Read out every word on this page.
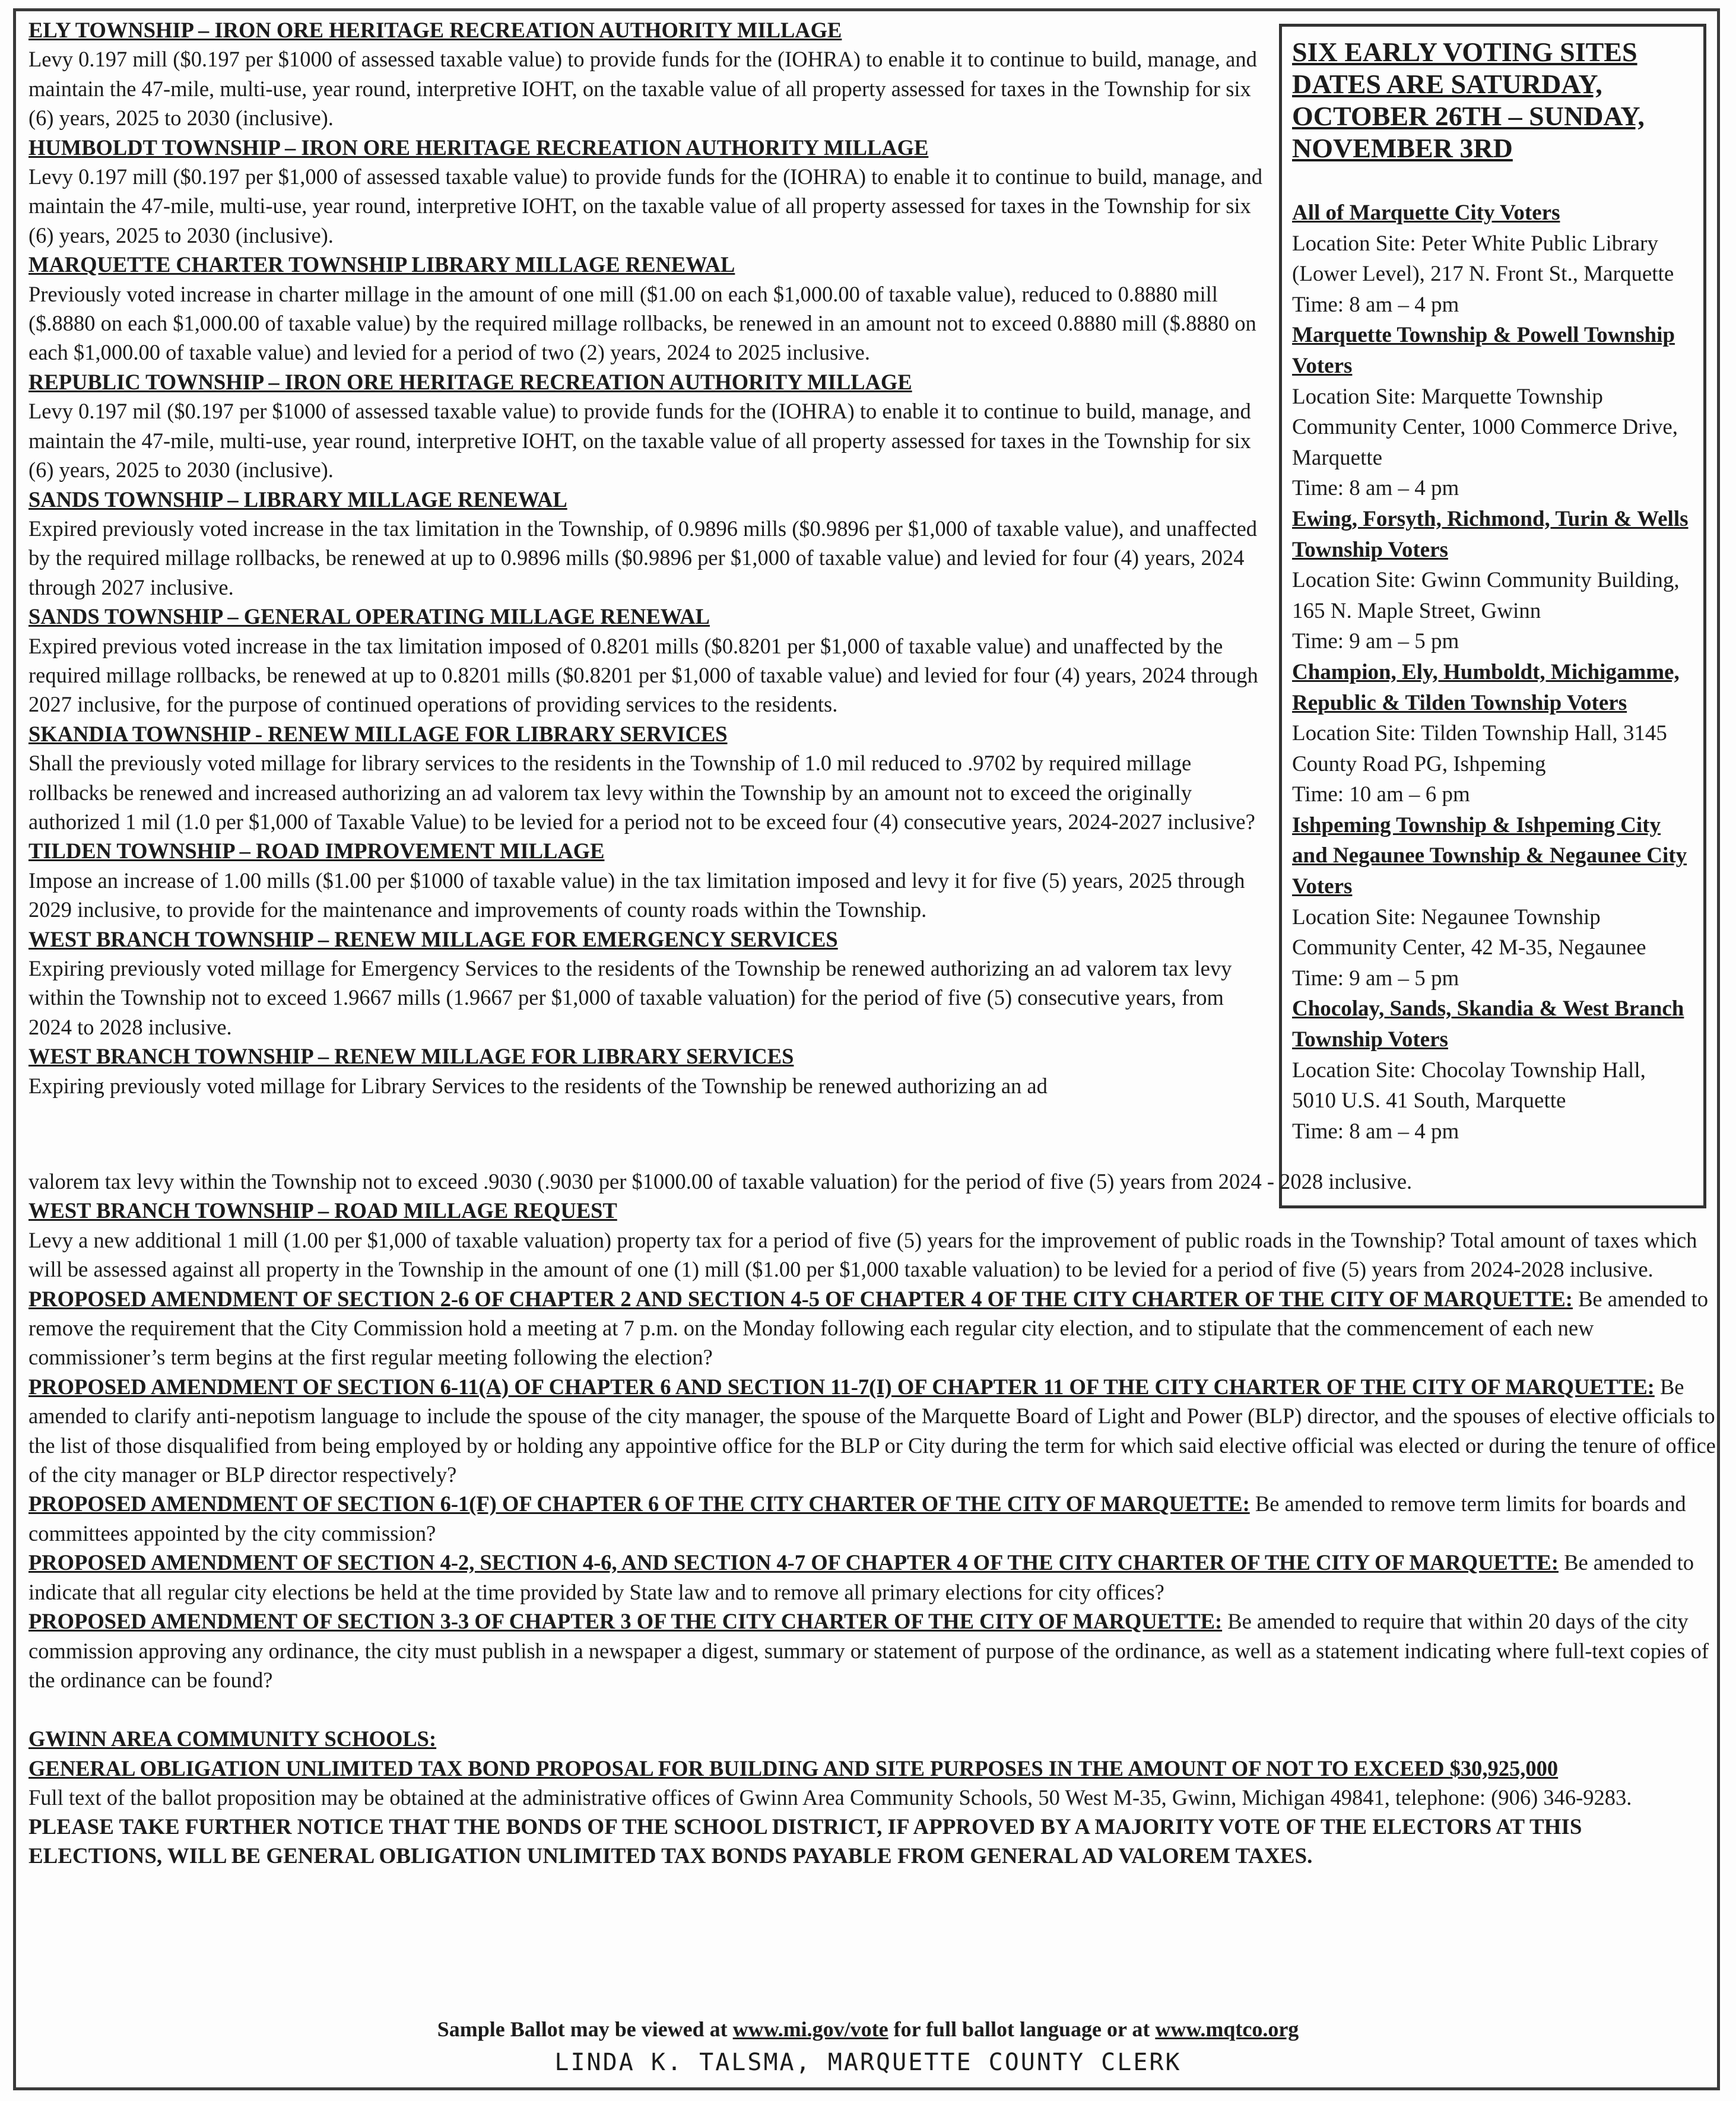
ELY TOWNSHIP – IRON ORE HERITAGE RECREATION AUTHORITY MILLAGE

Levy 0.197 mill ($0.197 per $1000 of assessed taxable value) to provide funds for the (IOHRA) to enable it to continue to build, manage, and maintain the 47-mile, multi-use, year round, interpretive IOHT, on the taxable value of all property assessed for taxes in the Township for six (6) years, 2025 to 2030 (inclusive).

HUMBOLDT TOWNSHIP – IRON ORE HERITAGE RECREATION AUTHORITY MILLAGE

Levy 0.197 mill ($0.197 per $1,000 of assessed taxable value) to provide funds for the (IOHRA) to enable it to continue to build, manage, and maintain the 47-mile, multi-use, year round, interpretive IOHT, on the taxable value of all property assessed for taxes in the Township for six (6) years, 2025 to 2030 (inclusive).

MARQUETTE CHARTER TOWNSHIP LIBRARY MILLAGE RENEWAL

Previously voted increase in charter millage in the amount of one mill ($1.00 on each $1,000.00 of taxable value), reduced to 0.8880 mill ($.8880 on each $1,000.00 of taxable value) by the required millage rollbacks, be renewed in an amount not to exceed 0.8880 mill ($.8880 on each $1,000.00 of taxable value) and levied for a period of two (2) years, 2024 to 2025 inclusive.

REPUBLIC TOWNSHIP – IRON ORE HERITAGE RECREATION AUTHORITY MILLAGE

Levy 0.197 mil ($0.197 per $1000 of assessed taxable value) to provide funds for the (IOHRA) to enable it to continue to build, manage, and maintain the 47-mile, multi-use, year round, interpretive IOHT, on the taxable value of all property assessed for taxes in the Township for six (6) years, 2025 to 2030 (inclusive).

SANDS TOWNSHIP – LIBRARY MILLAGE RENEWAL

Expired previously voted increase in the tax limitation in the Township, of 0.9896 mills ($0.9896 per $1,000 of taxable value), and unaffected by the required millage rollbacks, be renewed at up to 0.9896 mills ($0.9896 per $1,000 of taxable value) and levied for four (4) years, 2024 through 2027 inclusive.

SANDS TOWNSHIP – GENERAL OPERATING MILLAGE RENEWAL

Expired previous voted increase in the tax limitation imposed of 0.8201 mills ($0.8201 per $1,000 of taxable value) and unaffected by the required millage rollbacks, be renewed at up to 0.8201 mills ($0.8201 per $1,000 of taxable value) and levied for four (4) years, 2024 through 2027 inclusive, for the purpose of continued operations of providing services to the residents.

SKANDIA TOWNSHIP - RENEW MILLAGE FOR LIBRARY SERVICES

Shall the previously voted millage for library services to the residents in the Township of 1.0 mil reduced to .9702 by required millage rollbacks be renewed and increased authorizing an ad valorem tax levy within the Township by an amount not to exceed the originally authorized 1 mil (1.0 per $1,000 of Taxable Value) to be levied for a period not to be exceed four (4) consecutive years, 2024-2027 inclusive?

TILDEN TOWNSHIP – ROAD IMPROVEMENT MILLAGE

Impose an increase of 1.00 mills ($1.00 per $1000 of taxable value) in the tax limitation imposed and levy it for five (5) years, 2025 through 2029 inclusive, to provide for the maintenance and improvements of county roads within the Township.

WEST BRANCH TOWNSHIP – RENEW MILLAGE FOR EMERGENCY SERVICES

Expiring previously voted millage for Emergency Services to the residents of the Township be renewed authorizing an ad valorem tax levy within the Township not to exceed 1.9667 mills (1.9667 per $1,000 of taxable valuation) for the period of five (5) consecutive years, from 2024 to 2028 inclusive.

WEST BRANCH TOWNSHIP – RENEW MILLAGE FOR LIBRARY SERVICES

Expiring previously voted millage for Library Services to the residents of the Township be renewed authorizing an ad

SIX EARLY VOTING SITES DATES ARE SATURDAY, OCTOBER 26TH – SUNDAY, NOVEMBER 3RD
All of Marquette City Voters
Location Site: Peter White Public Library (Lower Level), 217 N. Front St., Marquette
Time: 8 am – 4 pm
Marquette Township & Powell Township Voters
Location Site: Marquette Township Community Center, 1000 Commerce Drive, Marquette
Time: 8 am – 4 pm
Ewing, Forsyth, Richmond, Turin & Wells Township Voters
Location Site: Gwinn Community Building, 165 N. Maple Street, Gwinn
Time: 9 am – 5 pm
Champion, Ely, Humboldt, Michigamme, Republic & Tilden Township Voters
Location Site: Tilden Township Hall, 3145 County Road PG, Ishpeming
Time: 10 am – 6 pm
Ishpeming Township & Ishpeming City and Negaunee Township & Negaunee City Voters
Location Site: Negaunee Township Community Center, 42 M-35, Negaunee
Time: 9 am – 5 pm
Chocolay, Sands, Skandia & West Branch Township Voters
Location Site: Chocolay Township Hall, 5010 U.S. 41 South, Marquette
Time: 8 am – 4 pm

valorem tax levy within the Township not to exceed .9030 (.9030 per $1000.00 of taxable valuation) for the period of five (5) years from 2024 - 2028 inclusive.

WEST BRANCH TOWNSHIP – ROAD MILLAGE REQUEST

Levy a new additional 1 mill (1.00 per $1,000 of taxable valuation) property tax for a period of five (5) years for the improvement of public roads in the Township? Total amount of taxes which will be assessed against all property in the Township in the amount of one (1) mill ($1.00 per $1,000 taxable valuation) to be levied for a period of five (5) years from 2024-2028 inclusive.

PROPOSED AMENDMENT OF SECTION 2-6 OF CHAPTER 2 AND SECTION 4-5 OF CHAPTER 4 OF THE CITY CHARTER OF THE CITY OF MARQUETTE: Be amended to remove the requirement that the City Commission hold a meeting at 7 p.m. on the Monday following each regular city election, and to stipulate that the commencement of each new commissioner’s term begins at the first regular meeting following the election?

PROPOSED AMENDMENT OF SECTION 6-11(A) OF CHAPTER 6 AND SECTION 11-7(I) OF CHAPTER 11 OF THE CITY CHARTER OF THE CITY OF MARQUETTE: Be amended to clarify anti-nepotism language to include the spouse of the city manager, the spouse of the Marquette Board of Light and Power (BLP) director, and the spouses of elective officials to the list of those disqualified from being employed by or holding any appointive office for the BLP or City during the term for which said elective official was elected or during the tenure of office of the city manager or BLP director respectively?

PROPOSED AMENDMENT OF SECTION 6-1(F) OF CHAPTER 6 OF THE CITY CHARTER OF THE CITY OF MARQUETTE: Be amended to remove term limits for boards and committees appointed by the city commission?

PROPOSED AMENDMENT OF SECTION 4-2, SECTION 4-6, AND SECTION 4-7 OF CHAPTER 4 OF THE CITY CHARTER OF THE CITY OF MARQUETTE: Be amended to indicate that all regular city elections be held at the time provided by State law and to remove all primary elections for city offices?

PROPOSED AMENDMENT OF SECTION 3-3 OF CHAPTER 3 OF THE CITY CHARTER OF THE CITY OF MARQUETTE: Be amended to require that within 20 days of the city commission approving any ordinance, the city must publish in a newspaper a digest, summary or statement of purpose of the ordinance, as well as a statement indicating where full-text copies of the ordinance can be found?

GWINN AREA COMMUNITY SCHOOLS:
GENERAL OBLIGATION UNLIMITED TAX BOND PROPOSAL FOR BUILDING AND SITE PURPOSES IN THE AMOUNT OF NOT TO EXCEED $30,925,000

Full text of the ballot proposition may be obtained at the administrative offices of Gwinn Area Community Schools, 50 West M-35, Gwinn, Michigan 49841, telephone: (906) 346-9283.

PLEASE TAKE FURTHER NOTICE THAT THE BONDS OF THE SCHOOL DISTRICT, IF APPROVED BY A MAJORITY VOTE OF THE ELECTORS AT THIS ELECTIONS, WILL BE GENERAL OBLIGATION UNLIMITED TAX BONDS PAYABLE FROM GENERAL AD VALOREM TAXES.

Sample Ballot may be viewed at www.mi.gov/vote for full ballot language or at www.mqtco.org
LINDA K. TALSMA, MARQUETTE COUNTY CLERK
